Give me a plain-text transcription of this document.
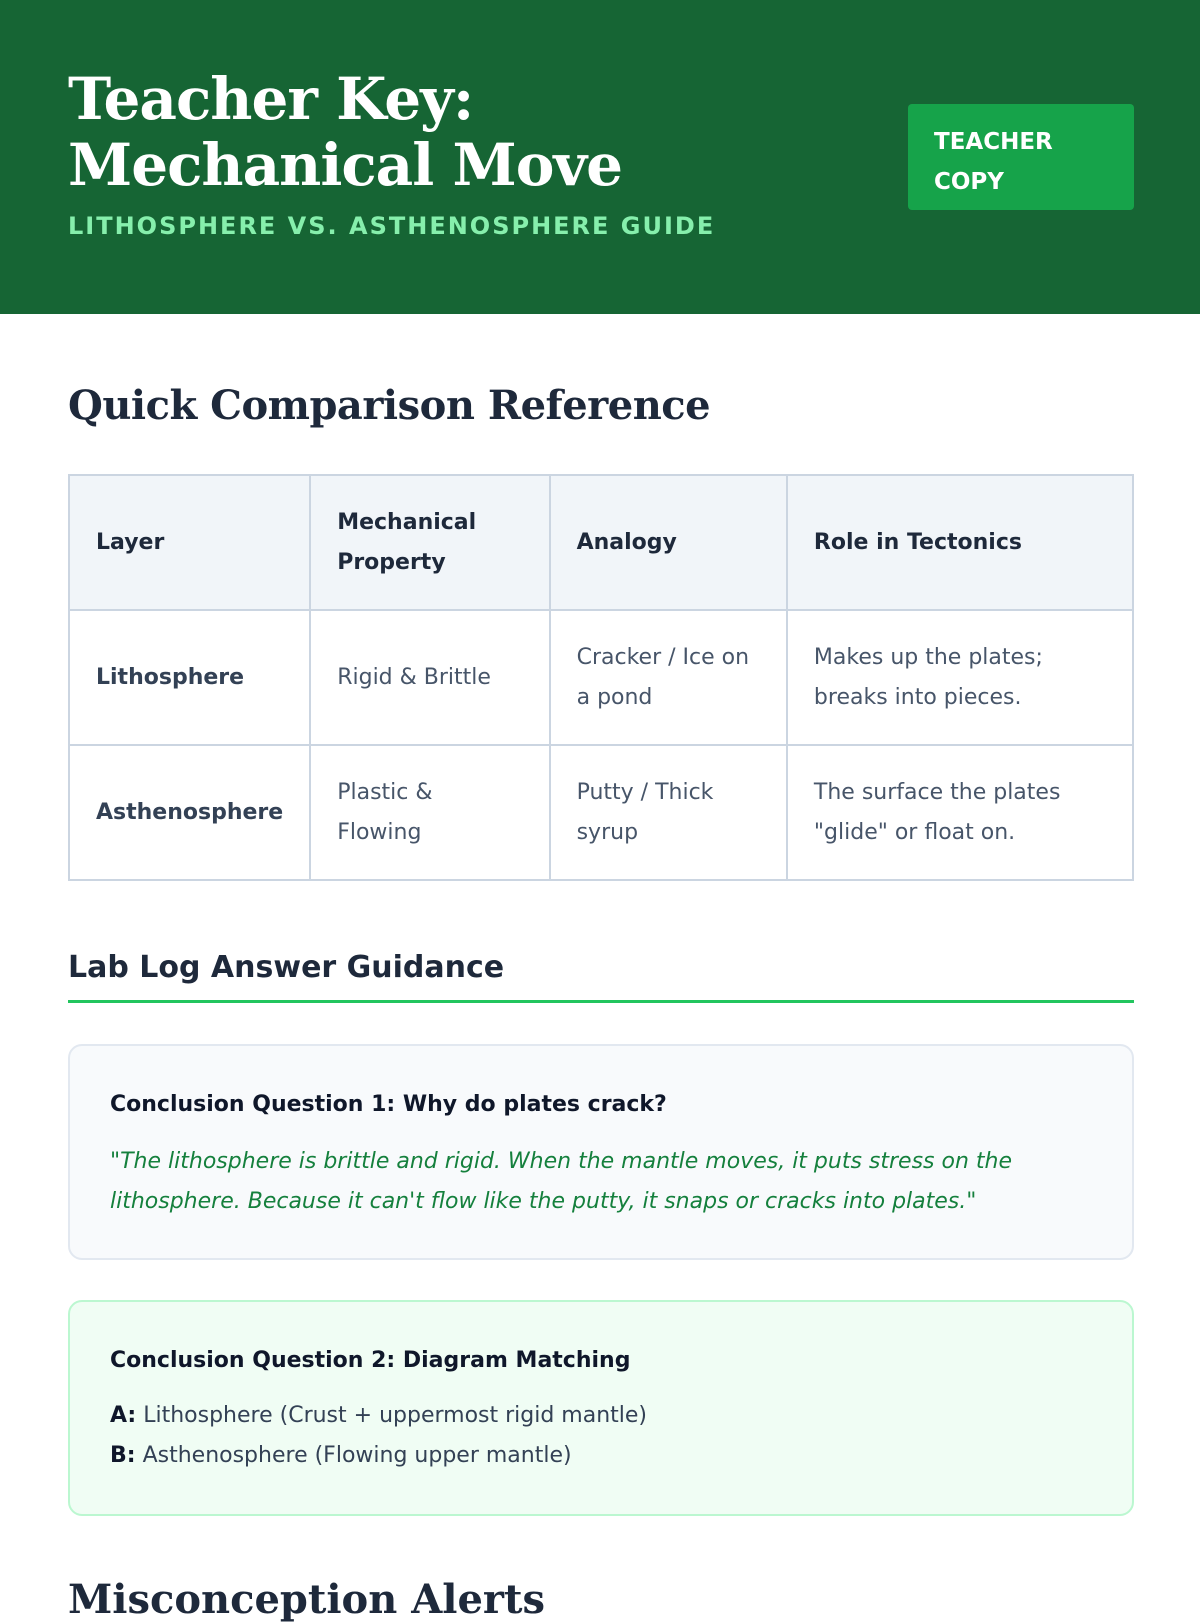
Teacher Key: Mechanical Move
LITHOSPHERE VS. ASTHENOSPHERE GUIDE
TEACHER COPY
Quick Comparison Reference
Layer	Mechanical Property	Analogy	Role in Tectonics
Lithosphere	Rigid & Brittle	Cracker / Ice on a pond	Makes up the plates; breaks into pieces.
Asthenosphere	Plastic & Flowing	Putty / Thick syrup	The surface the plates "glide" or float on.
Lab Log Answer Guidance
Conclusion Question 1: Why do plates crack?
"The lithosphere is brittle and rigid. When the mantle moves, it puts stress on the lithosphere. Because it can't flow like the putty, it snaps or cracks into plates."
Conclusion Question 2: Diagram Matching
A: Lithosphere (Crust + uppermost rigid mantle)
B: Asthenosphere (Flowing upper mantle)
Misconception Alerts
